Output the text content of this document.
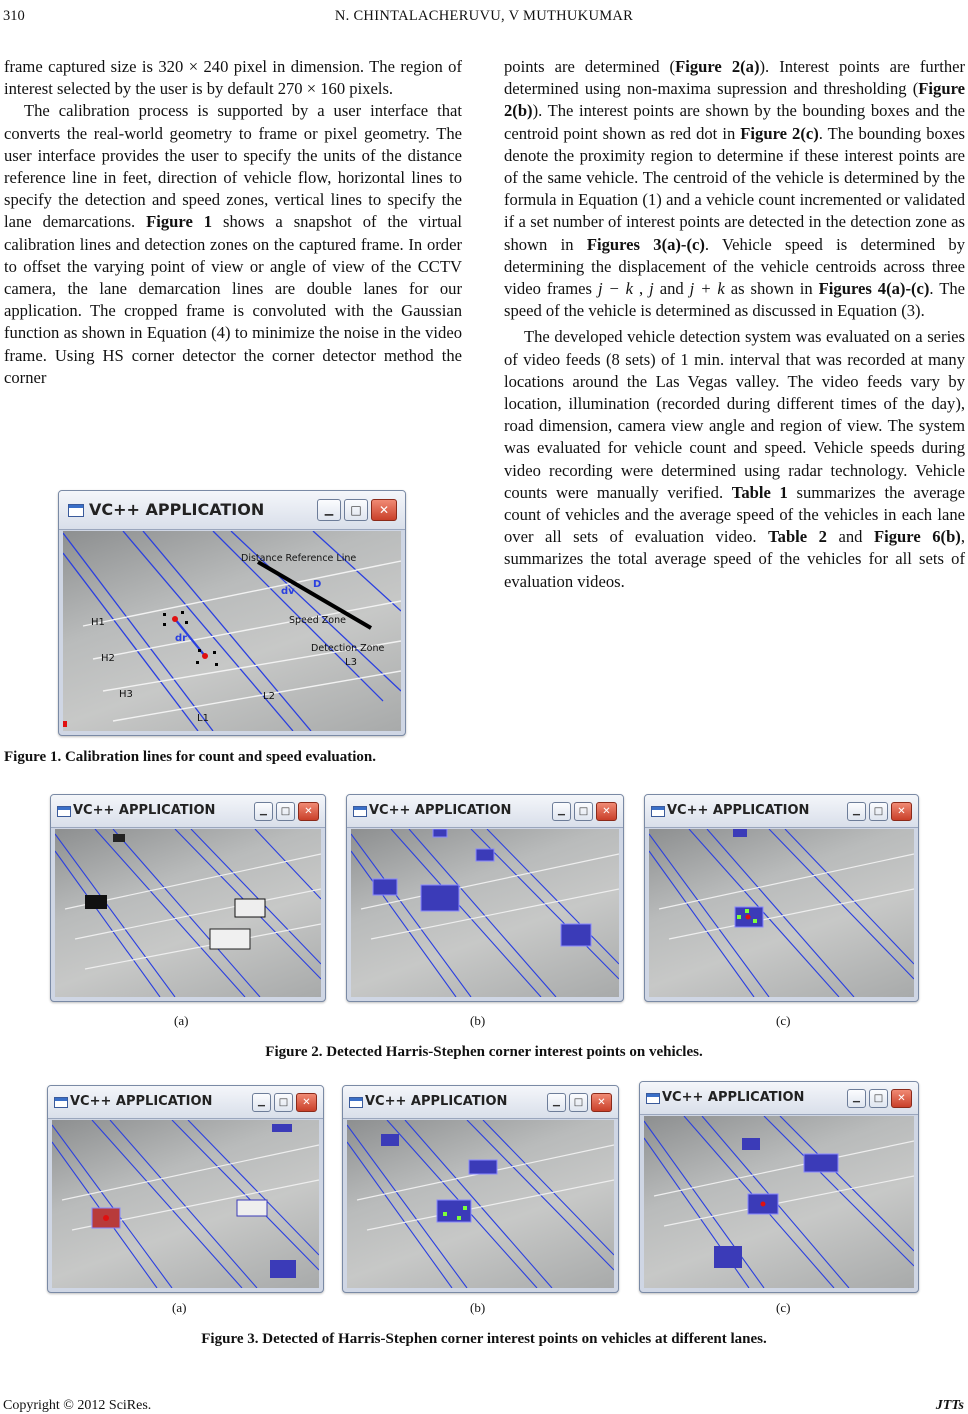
310	N. CHINTALACHERUVU, V MUTHUKUMAR

frame captured size is 320 × 240 pixel in dimension. The region of interest selected by the user is by default 270 × 160 pixels.

The calibration process is supported by a user interface that converts the real-world geometry to frame or pixel geometry. The user interface provides the user to specify the units of the distance reference line in feet, direction of vehicle flow, horizontal lines to specify the detection and speed zones, vertical lines to specify the lane demarcations. Figure 1 shows a snapshot of the virtual calibration lines and detection zones on the captured frame. In order to offset the varying point of view or angle of view of the CCTV camera, the lane demarcation lines are double lanes for our application. The cropped frame is convoluted with the Gaussian function as shown in Equation (4) to minimize the noise in the video frame. Using HS corner detector the corner detector method the corner

points are determined (Figure 2(a)). Interest points are further determined using non-maxima supression and thresholding (Figure 2(b)). The interest points are shown by the bounding boxes and the centroid point shown as red dot in Figure 2(c). The bounding boxes denote the proximity region to determine if these interest points are of the same vehicle. The centroid of the vehicle is determined by the formula in Equation (1) and a vehicle count incremented or validated if a set number of interest points are detected in the detection zone as shown in Figures 3(a)-(c). Vehicle speed is determined by determining the displacement of the vehicle centroids across three video frames j − k , j and j + k as shown in Figures 4(a)-(c). The speed of the vehicle is determined as discussed in Equation (3).

The developed vehicle detection system was evaluated on a series of video feeds (8 sets) of 1 min. interval that was recorded at many locations around the Las Vegas valley. The video feeds vary by location, illumination (recorded during different times of the day), road dimension, camera view angle and region of view. The system was evaluated for vehicle count and speed. Vehicle speeds during video recording were determined using radar technology. Vehicle counts were manually verified. Table 1 summarizes the average count of vehicles and the average speed of the vehicles in each lane over all sets of evaluation video. Table 2 and Figure 6(b), summarizes the total average speed of the vehicles for all sets of evaluation videos.

VC++ APPLICATION	▁	□	✕
Distance Reference Line
dv
D
Speed Zone
Detection Zone
dr
H1
H2
H3
L1
L2
L3
Figure 1. Calibration lines for count and speed evaluation.
VC++ APPLICATION	▁	□	✕	VC++ APPLICATION	▁	□	✕	VC++ APPLICATION	▁	□	✕
(a)	(b)	(c)
Figure 2. Detected Harris-Stephen corner interest points on vehicles.
VC++ APPLICATION	▁	□	✕	VC++ APPLICATION	▁	□	✕	VC++ APPLICATION	▁	□	✕
(a)	(b)	(c)
Figure 3. Detected of Harris-Stephen corner interest points on vehicles at different lanes.
Copyright © 2012 SciRes.	JTTs
